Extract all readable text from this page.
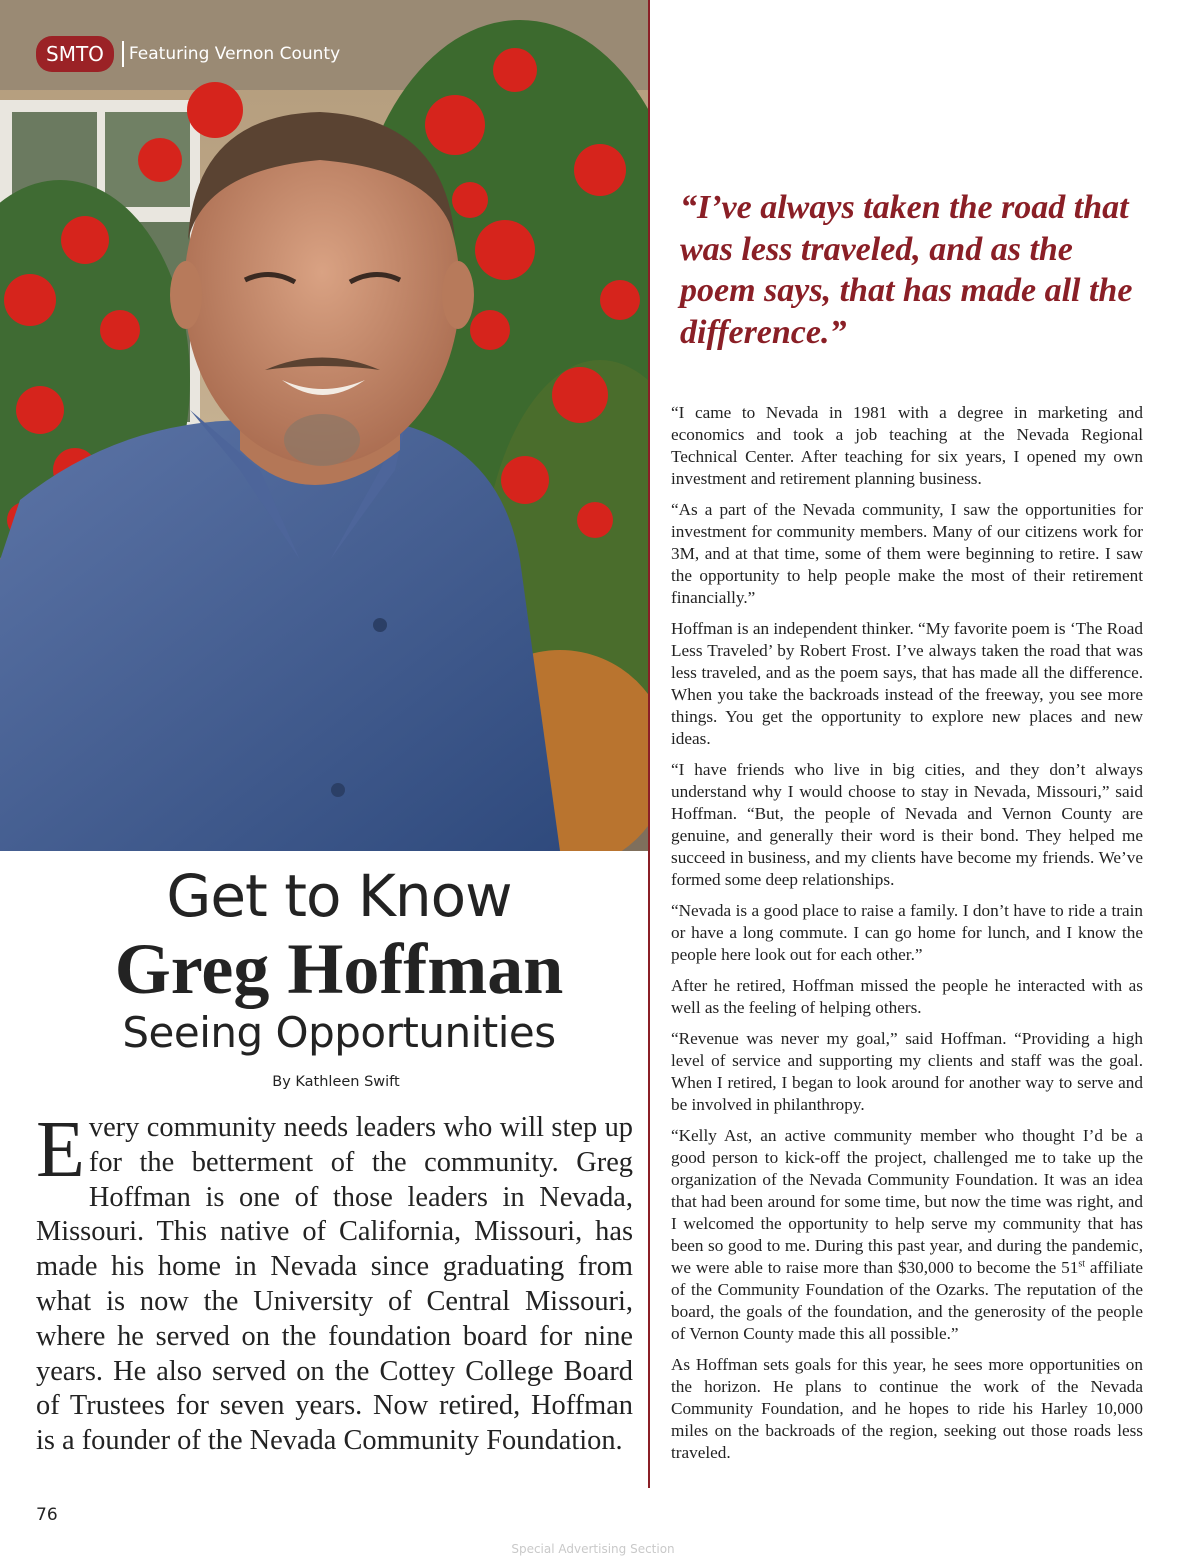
SMTO	Featuring Vernon County
Get to Know
Greg Hoffman
Seeing Opportunities
By Kathleen Swift

Every community needs leaders who will step up for the betterment of the community. Greg Hoffman is one of those leaders in Nevada, Missouri. This native of California, Missouri, has made his home in Nevada since graduating from what is now the University of Central Missouri, where he served on the foundation board for nine years. He also served on the Cottey College Board of Trustees for seven years. Now retired, Hoffman is a founder of the Nevada Community Foundation.

“I’ve always taken the road that was less traveled, and as the poem says, that has made all the difference.”

“I came to Nevada in 1981 with a degree in marketing and economics and took a job teaching at the Nevada Regional Technical Center. After teaching for six years, I opened my own investment and retirement planning business.

“As a part of the Nevada community, I saw the opportunities for investment for community members. Many of our citizens work for 3M, and at that time, some of them were beginning to retire. I saw the opportunity to help people make the most of their retirement financially.”

Hoffman is an independent thinker. “My favorite poem is ‘The Road Less Traveled’ by Robert Frost. I’ve always taken the road that was less traveled, and as the poem says, that has made all the difference. When you take the backroads instead of the freeway, you see more things. You get the opportunity to explore new places and new ideas.

“I have friends who live in big cities, and they don’t always understand why I would choose to stay in Nevada, Missouri,” said Hoffman. “But, the people of Nevada and Vernon County are genuine, and generally their word is their bond. They helped me succeed in business, and my clients have become my friends. We’ve formed some deep relationships.

“Nevada is a good place to raise a family. I don’t have to ride a train or have a long commute. I can go home for lunch, and I know the people here look out for each other.”

After he retired, Hoffman missed the people he interacted with as well as the feeling of helping others.

“Revenue was never my goal,” said Hoffman. “Providing a high level of service and supporting my clients and staff was the goal. When I retired, I began to look around for another way to serve and be involved in philanthropy.

“Kelly Ast, an active community member who thought I’d be a good person to kick-off the project, challenged me to take up the organization of the Nevada Community Foundation. It was an idea that had been around for some time, but now the time was right, and I welcomed the opportunity to help serve my community that has been so good to me. During this past year, and during the pandemic, we were able to raise more than $30,000 to become the 51st affiliate of the Community Foundation of the Ozarks. The reputation of the board, the goals of the foundation, and the generosity of the people of Vernon County made this all possible.”

As Hoffman sets goals for this year, he sees more opportunities on the horizon. He plans to continue the work of the Nevada Community Foundation, and he hopes to ride his Harley 10,000 miles on the backroads of the region, seeking out those roads less traveled.

76
Special Advertising Section
